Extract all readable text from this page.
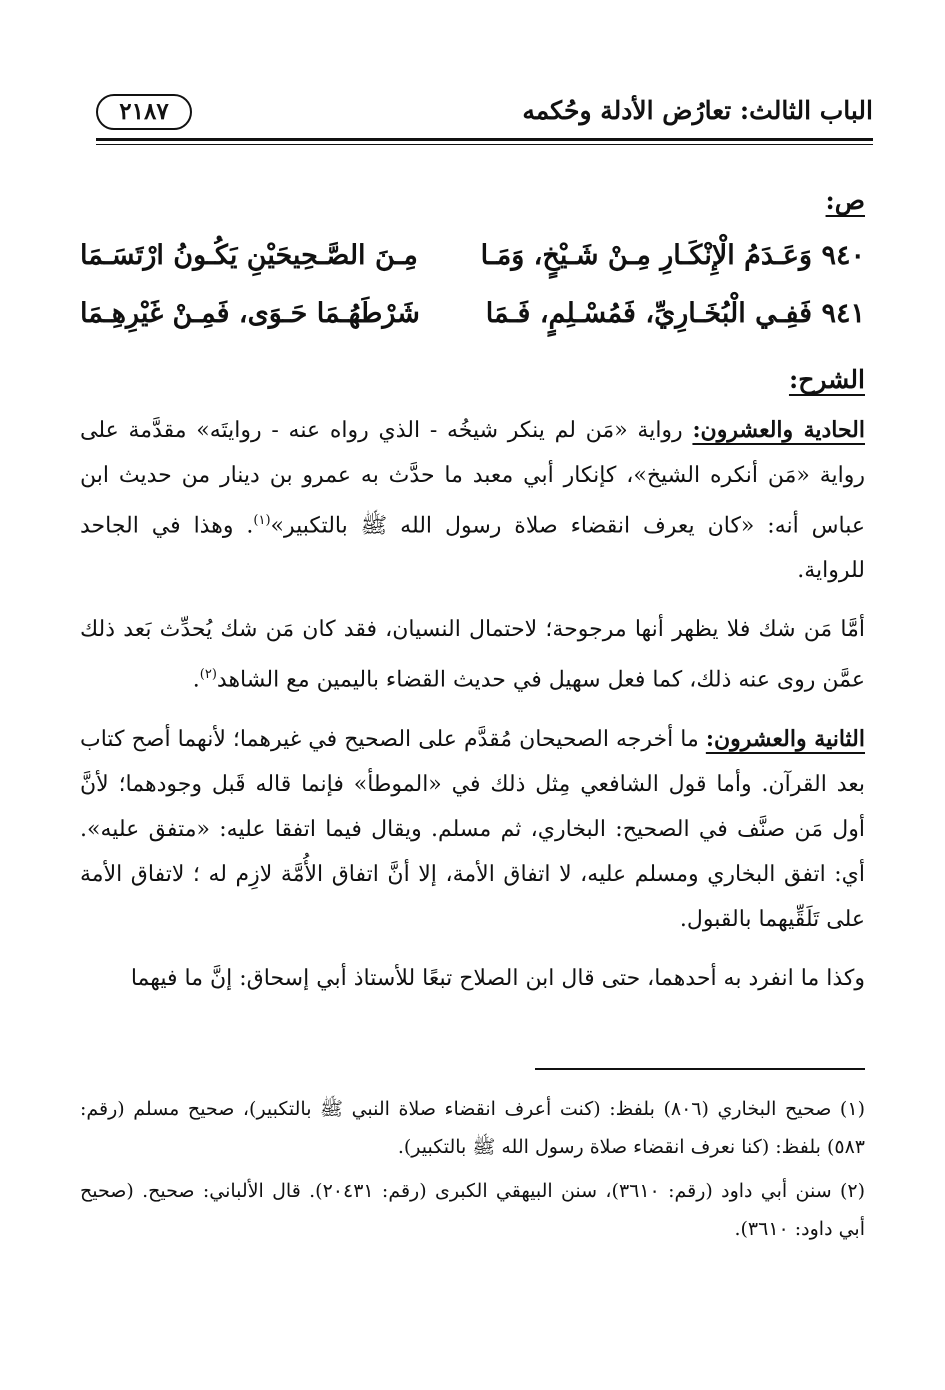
الباب الثالث: تعارُض الأدلة وحُكمه
٢١٨٧

ص:

٩٤٠ وَعَـدَمُ الْإِنْكَـارِ مِـنْ شَـيْخٍ، وَمَـا
مِـنَ الصَّـحِيحَيْنِ يَكُـونُ ارْتَسَـمَا
٩٤١ فَفِـي الْبُخَـارِيِّ، فَمُسْـلِمٍ، فَـمَا
شَرْطَهُـمَا حَـوَى، فَمِـنْ غَيْرِهِـمَا

الشرح:

الحادية والعشرون: رواية «مَن لم ينكر شيخُه - الذي رواه عنه - روايتَه» مقدَّمة على رواية «مَن أنكره الشيخ»، كإنكار أبي معبد ما حدَّث به عمرو بن دينار من حديث ابن عباس أنه: «كان يعرف انقضاء صلاة رسول الله ﷺ بالتكبير»$^{(١)}$. وهذا في الجاحد للرواية.

أمَّا مَن شك فلا يظهر أنها مرجوحة؛ لاحتمال النسيان، فقد كان مَن شك يُحدِّث بَعد ذلك عمَّن روى عنه ذلك، كما فعل سهيل في حديث القضاء باليمين مع الشاهد$^{(٢)}$.

الثانية والعشرون: ما أخرجه الصحيحان مُقدَّم على الصحيح في غيرهما؛ لأنهما أصح كتاب بعد القرآن. وأما قول الشافعي مِثل ذلك في «الموطأ» فإنما قاله قَبل وجودهما؛ لأنَّ أول مَن صنَّف في الصحيح: البخاري، ثم مسلم. ويقال فيما اتفقا عليه: «متفق عليه». أي: اتفق البخاري ومسلم عليه، لا اتفاق الأمة، إلا أنَّ اتفاق الأُمَّة لازِم له ؛ لاتفاق الأمة على تَلَقِّيهما بالقبول.

وكذا ما انفرد به أحدهما، حتى قال ابن الصلاح تبعًا للأستاذ أبي إسحاق: إنَّ ما فيهما

(١) صحيح البخاري (٨٠٦) بلفظ: (كنت أعرف انقضاء صلاة النبي ﷺ بالتكبير)، صحيح مسلم (رقم: ٥٨٣) بلفظ: (كنا نعرف انقضاء صلاة رسول الله ﷺ بالتكبير).

(٢) سنن أبي داود (رقم: ٣٦١٠)، سنن البيهقي الكبرى (رقم: ٢٠٤٣١). قال الألباني: صحيح. (صحيح أبي داود: ٣٦١٠).
